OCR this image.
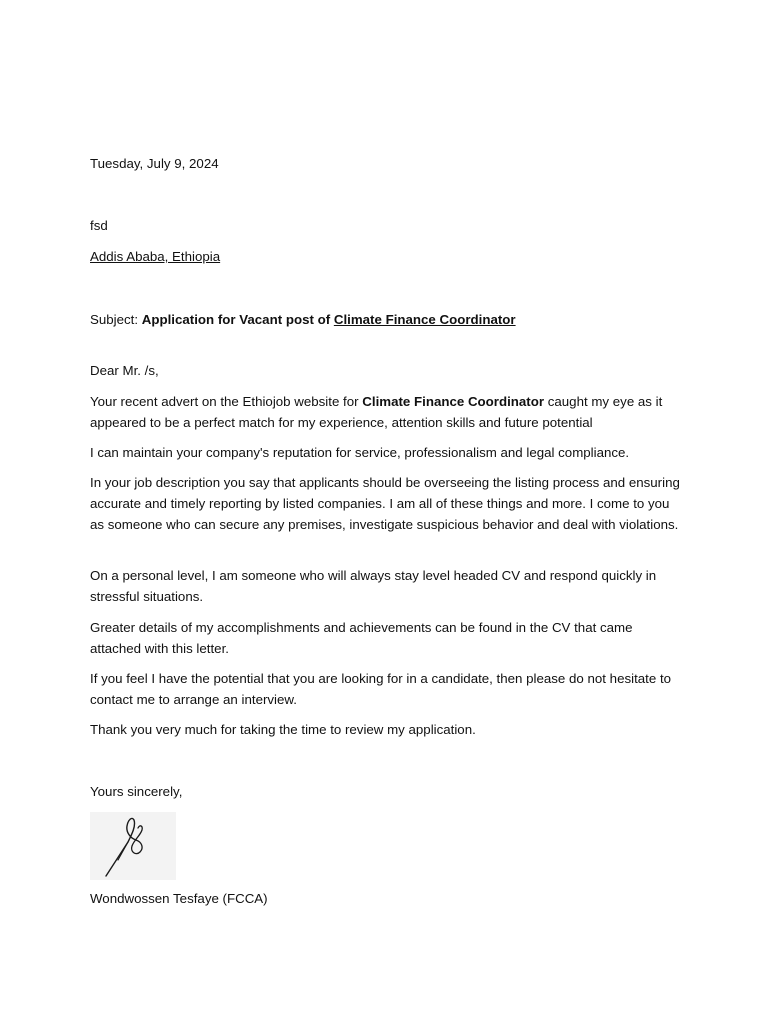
Tuesday, July 9, 2024
fsd
Addis Ababa, Ethiopia
Subject: Application for Vacant post of Climate Finance Coordinator
Dear Mr. /s,
Your recent advert on the Ethiojob website for Climate Finance Coordinator caught my eye as it appeared to be a perfect match for my experience, attention skills and future potential
I can maintain your company's reputation for service, professionalism and legal compliance.
In your job description you say that applicants should be overseeing the listing process and ensuring accurate and timely reporting by listed companies. I am all of these things and more. I come to you as someone who can secure any premises, investigate suspicious behavior and deal with violations.
On a personal level, I am someone who will always stay level headed CV and respond quickly in stressful situations.
Greater details of my accomplishments and achievements can be found in the CV that came attached with this letter.
If you feel I have the potential that you are looking for in a candidate, then please do not hesitate to contact me to arrange an interview.
Thank you very much for taking the time to review my application.
Yours sincerely,
Wondwossen Tesfaye (FCCA)
